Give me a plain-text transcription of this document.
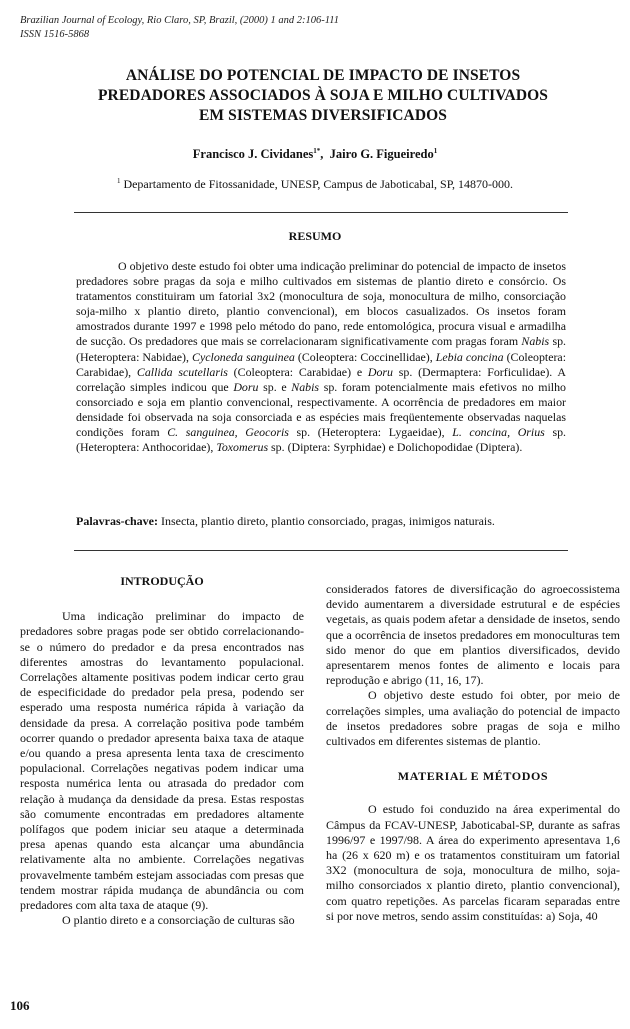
Brazilian Journal of Ecology, Rio Claro, SP, Brazil, (2000) 1 and 2:106-111
ISSN 1516-5868
ANÁLISE DO POTENCIAL DE IMPACTO DE INSETOS
PREDADORES ASSOCIADOS À SOJA E MILHO CULTIVADOS
EM SISTEMAS DIVERSIFICADOS
Francisco J. Cividanes$^{1*}$,  Jairo G. Figueiredo$^1$
$^1$ Departamento de Fitossanidade, UNESP, Campus de Jaboticabal, SP, 14870-000.
RESUMO

O objetivo deste estudo foi obter uma indicação preliminar do potencial de impacto de insetos predadores sobre pragas da soja e milho cultivados em sistemas de plantio direto e consórcio. Os tratamentos constituiram um fatorial 3x2 (monocultura de soja, monocultura de milho, consorciação soja-milho x plantio direto, plantio convencional), em blocos casualizados. Os insetos foram amostrados durante 1997 e 1998 pelo método do pano, rede entomológica, procura visual e armadilha de sucção. Os predadores que mais se correlacionaram significativamente com pragas foram Nabis sp. (Heteroptera: Nabidae), Cycloneda sanguinea (Coleoptera: Coccinellidae), Lebia concina (Coleoptera: Carabidae), Callida scutellaris (Coleoptera: Carabidae) e Doru sp. (Dermaptera: Forficulidae). A correlação simples indicou que Doru sp. e Nabis sp. foram potencialmente mais efetivos no milho consorciado e soja em plantio convencional, respectivamente. A ocorrência de predadores em maior densidade foi observada na soja consorciada e as espécies mais freqüentemente observadas naquelas condições foram C. sanguinea, Geocoris sp. (Heteroptera: Lygaeidae), L. concina, Orius sp. (Heteroptera: Anthocoridae), Toxomerus sp. (Diptera: Syrphidae) e Dolichopodidae (Diptera).

Palavras-chave: Insecta, plantio direto, plantio consorciado, pragas, inimigos naturais.

INTRODUÇÃO

Uma indicação preliminar do impacto de predadores sobre pragas pode ser obtido correlacionando-se o número do predador e da presa encontrados nas diferentes amostras do levantamento populacional. Correlações altamente positivas podem indicar certo grau de especificidade do predador pela presa, podendo ser esperado uma resposta numérica rápida à variação da densidade da presa. A correlação positiva pode também ocorrer quando o predador apresenta baixa taxa de ataque e/ou quando a presa apresenta lenta taxa de crescimento populacional. Correlações negativas podem indicar uma resposta numérica lenta ou atrasada do predador com relação à mudança da densidade da presa. Estas respostas são comumente encontradas em predadores altamente polífagos que podem iniciar seu ataque a determinada presa apenas quando esta alcançar uma abundância relativamente alta no ambiente. Correlações negativas provavelmente também estejam associadas com presas que tendem mostrar rápida mudança de abundância ou com predadores com alta taxa de ataque (9).

O plantio direto e a consorciação de culturas são

considerados fatores de diversificação do agroecossistema devido aumentarem a diversidade estrutural e de espécies vegetais, as quais podem afetar a densidade de insetos, sendo que a ocorrência de insetos predadores em monoculturas tem sido menor do que em plantios diversificados, devido apresentarem menos fontes de alimento e locais para reprodução e abrigo (11, 16, 17).

O objetivo deste estudo foi obter, por meio de correlações simples, uma avaliação do potencial de impacto de insetos predadores sobre pragas de soja e milho cultivados em diferentes sistemas de plantio.

MATERIAL E MÉTODOS

O estudo foi conduzido na área experimental do Câmpus da FCAV-UNESP, Jaboticabal-SP, durante as safras 1996/97 e 1997/98. A área do experimento apresentava 1,6 ha (26 x 620 m) e os tratamentos constituiram um fatorial 3X2 (monocultura de soja, monocultura de milho, soja-milho consorciados x plantio direto, plantio convencional), com quatro repetições. As parcelas ficaram separadas entre si por nove metros, sendo assim constituídas: a) Soja, 40

106
